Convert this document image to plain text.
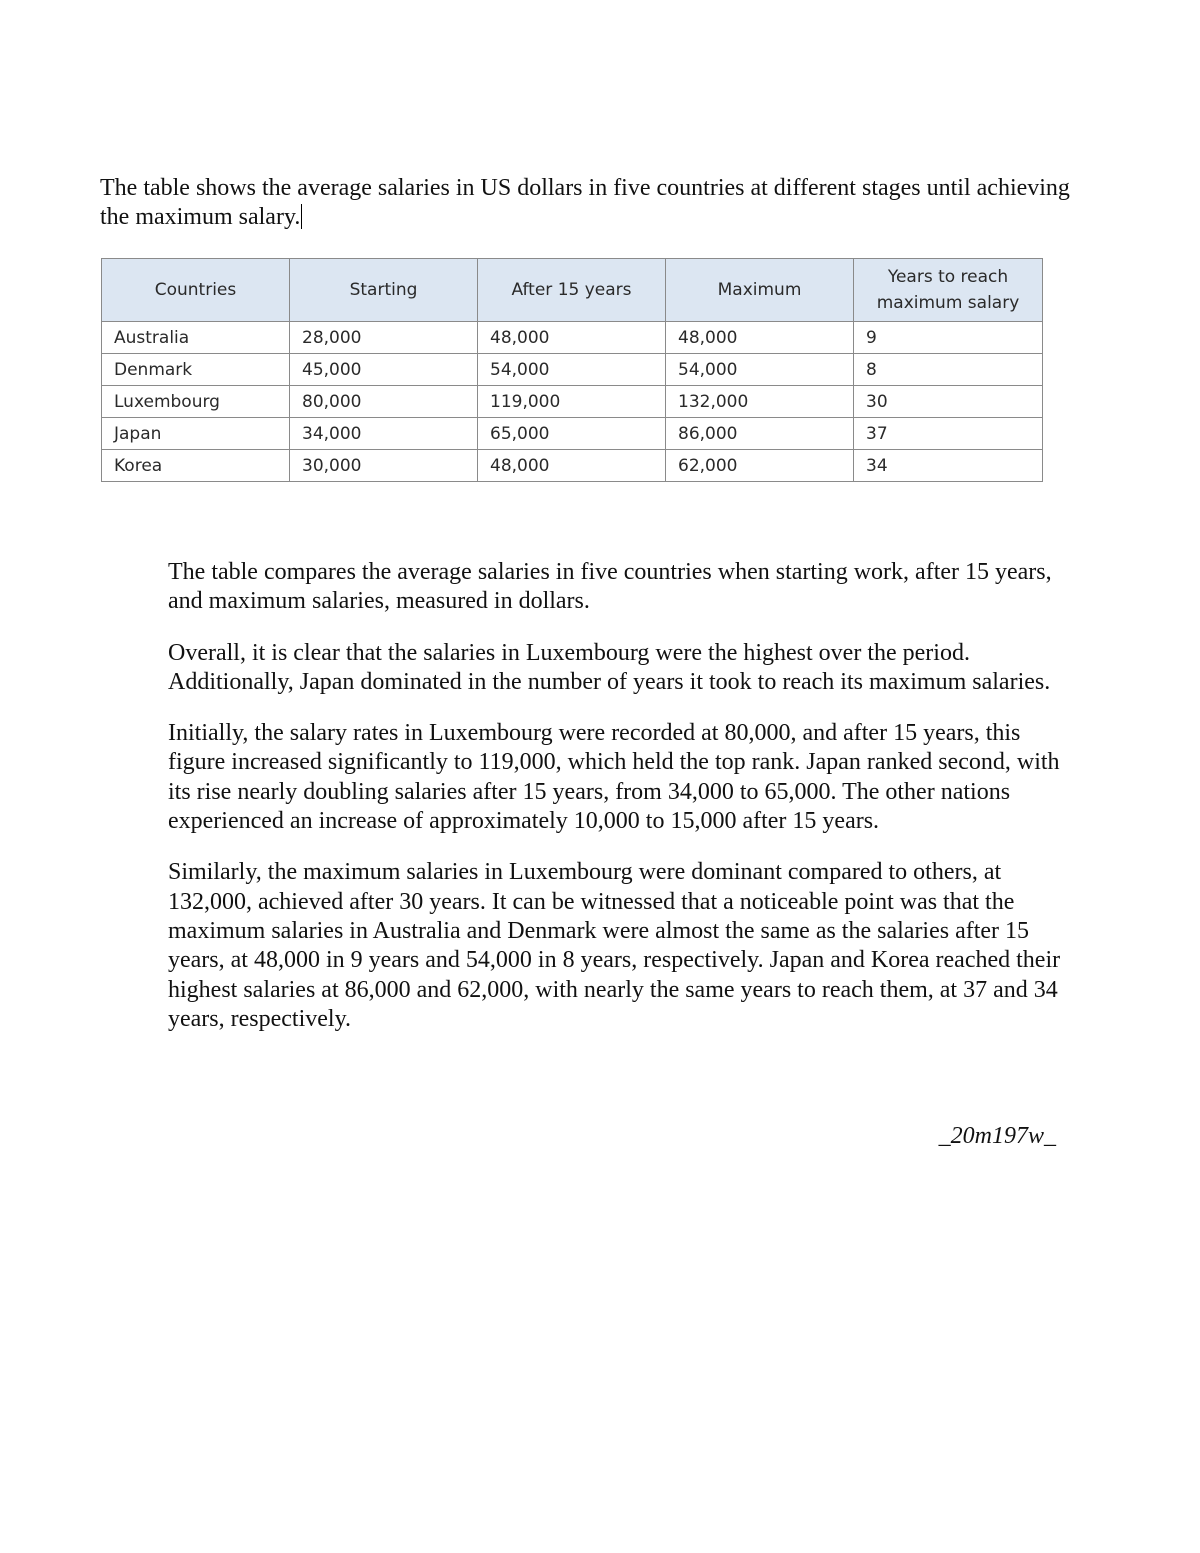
The table shows the average salaries in US dollars in five countries at different stages until achieving the maximum salary.

Countries	Starting	After 15 years	Maximum	Years to reach maximum salary
Australia	28,000	48,000	48,000	9
Denmark	45,000	54,000	54,000	8
Luxembourg	80,000	119,000	132,000	30
Japan	34,000	65,000	86,000	37
Korea	30,000	48,000	62,000	34

The table compares the average salaries in five countries when starting work, after 15 years, and maximum salaries, measured in dollars.

Overall, it is clear that the salaries in Luxembourg were the highest over the period. Additionally, Japan dominated in the number of years it took to reach its maximum salaries.

Initially, the salary rates in Luxembourg were recorded at 80,000, and after 15 years, this figure increased significantly to 119,000, which held the top rank. Japan ranked second, with its rise nearly doubling salaries after 15 years, from 34,000 to 65,000. The other nations experienced an increase of approximately 10,000 to 15,000 after 15 years.

Similarly, the maximum salaries in Luxembourg were dominant compared to others, at 132,000, achieved after 30 years. It can be witnessed that a noticeable point was that the maximum salaries in Australia and Denmark were almost the same as the salaries after 15 years, at 48,000 in 9 years and 54,000 in 8 years, respectively. Japan and Korea reached their highest salaries at 86,000 and 62,000, with nearly the same years to reach them, at 37 and 34 years, respectively.

_20m197w_
